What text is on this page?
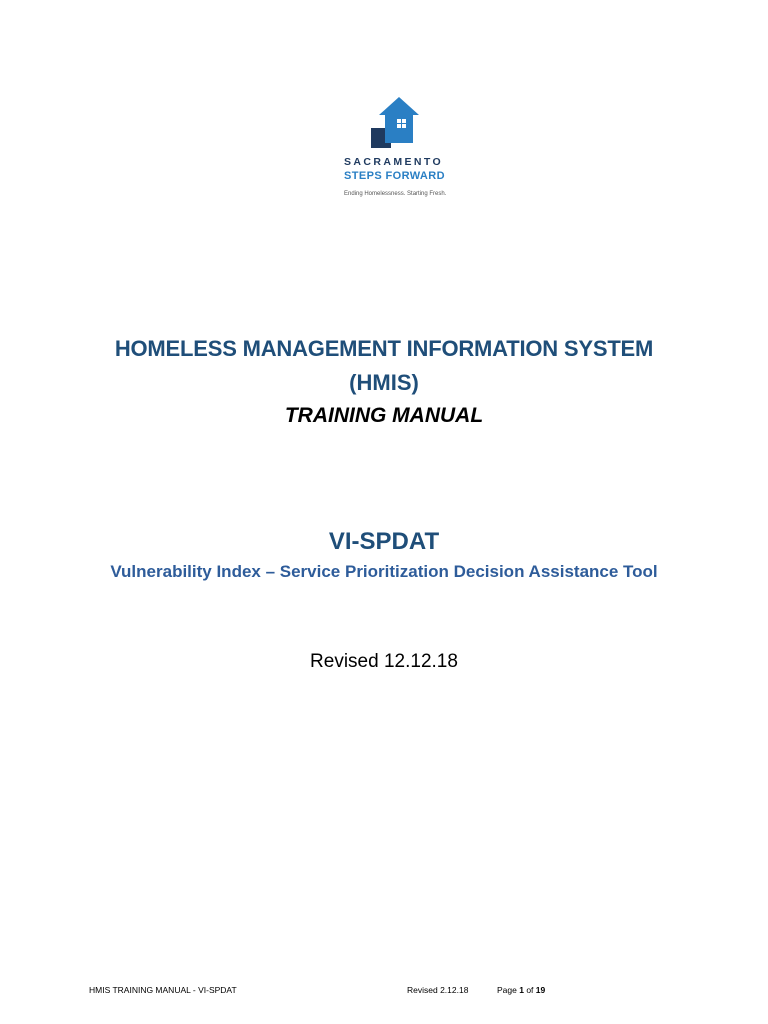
SACRAMENTO
STEPS FORWARD
Ending Homelessness. Starting Fresh.
HOMELESS MANAGEMENT INFORMATION SYSTEM
(HMIS)
TRAINING MANUAL
VI-SPDAT
Vulnerability Index – Service Prioritization Decision Assistance Tool
Revised 12.12.18
HMIS TRAINING MANUAL - VI-SPDAT	Revised 2.12.18	Page 1 of 19
